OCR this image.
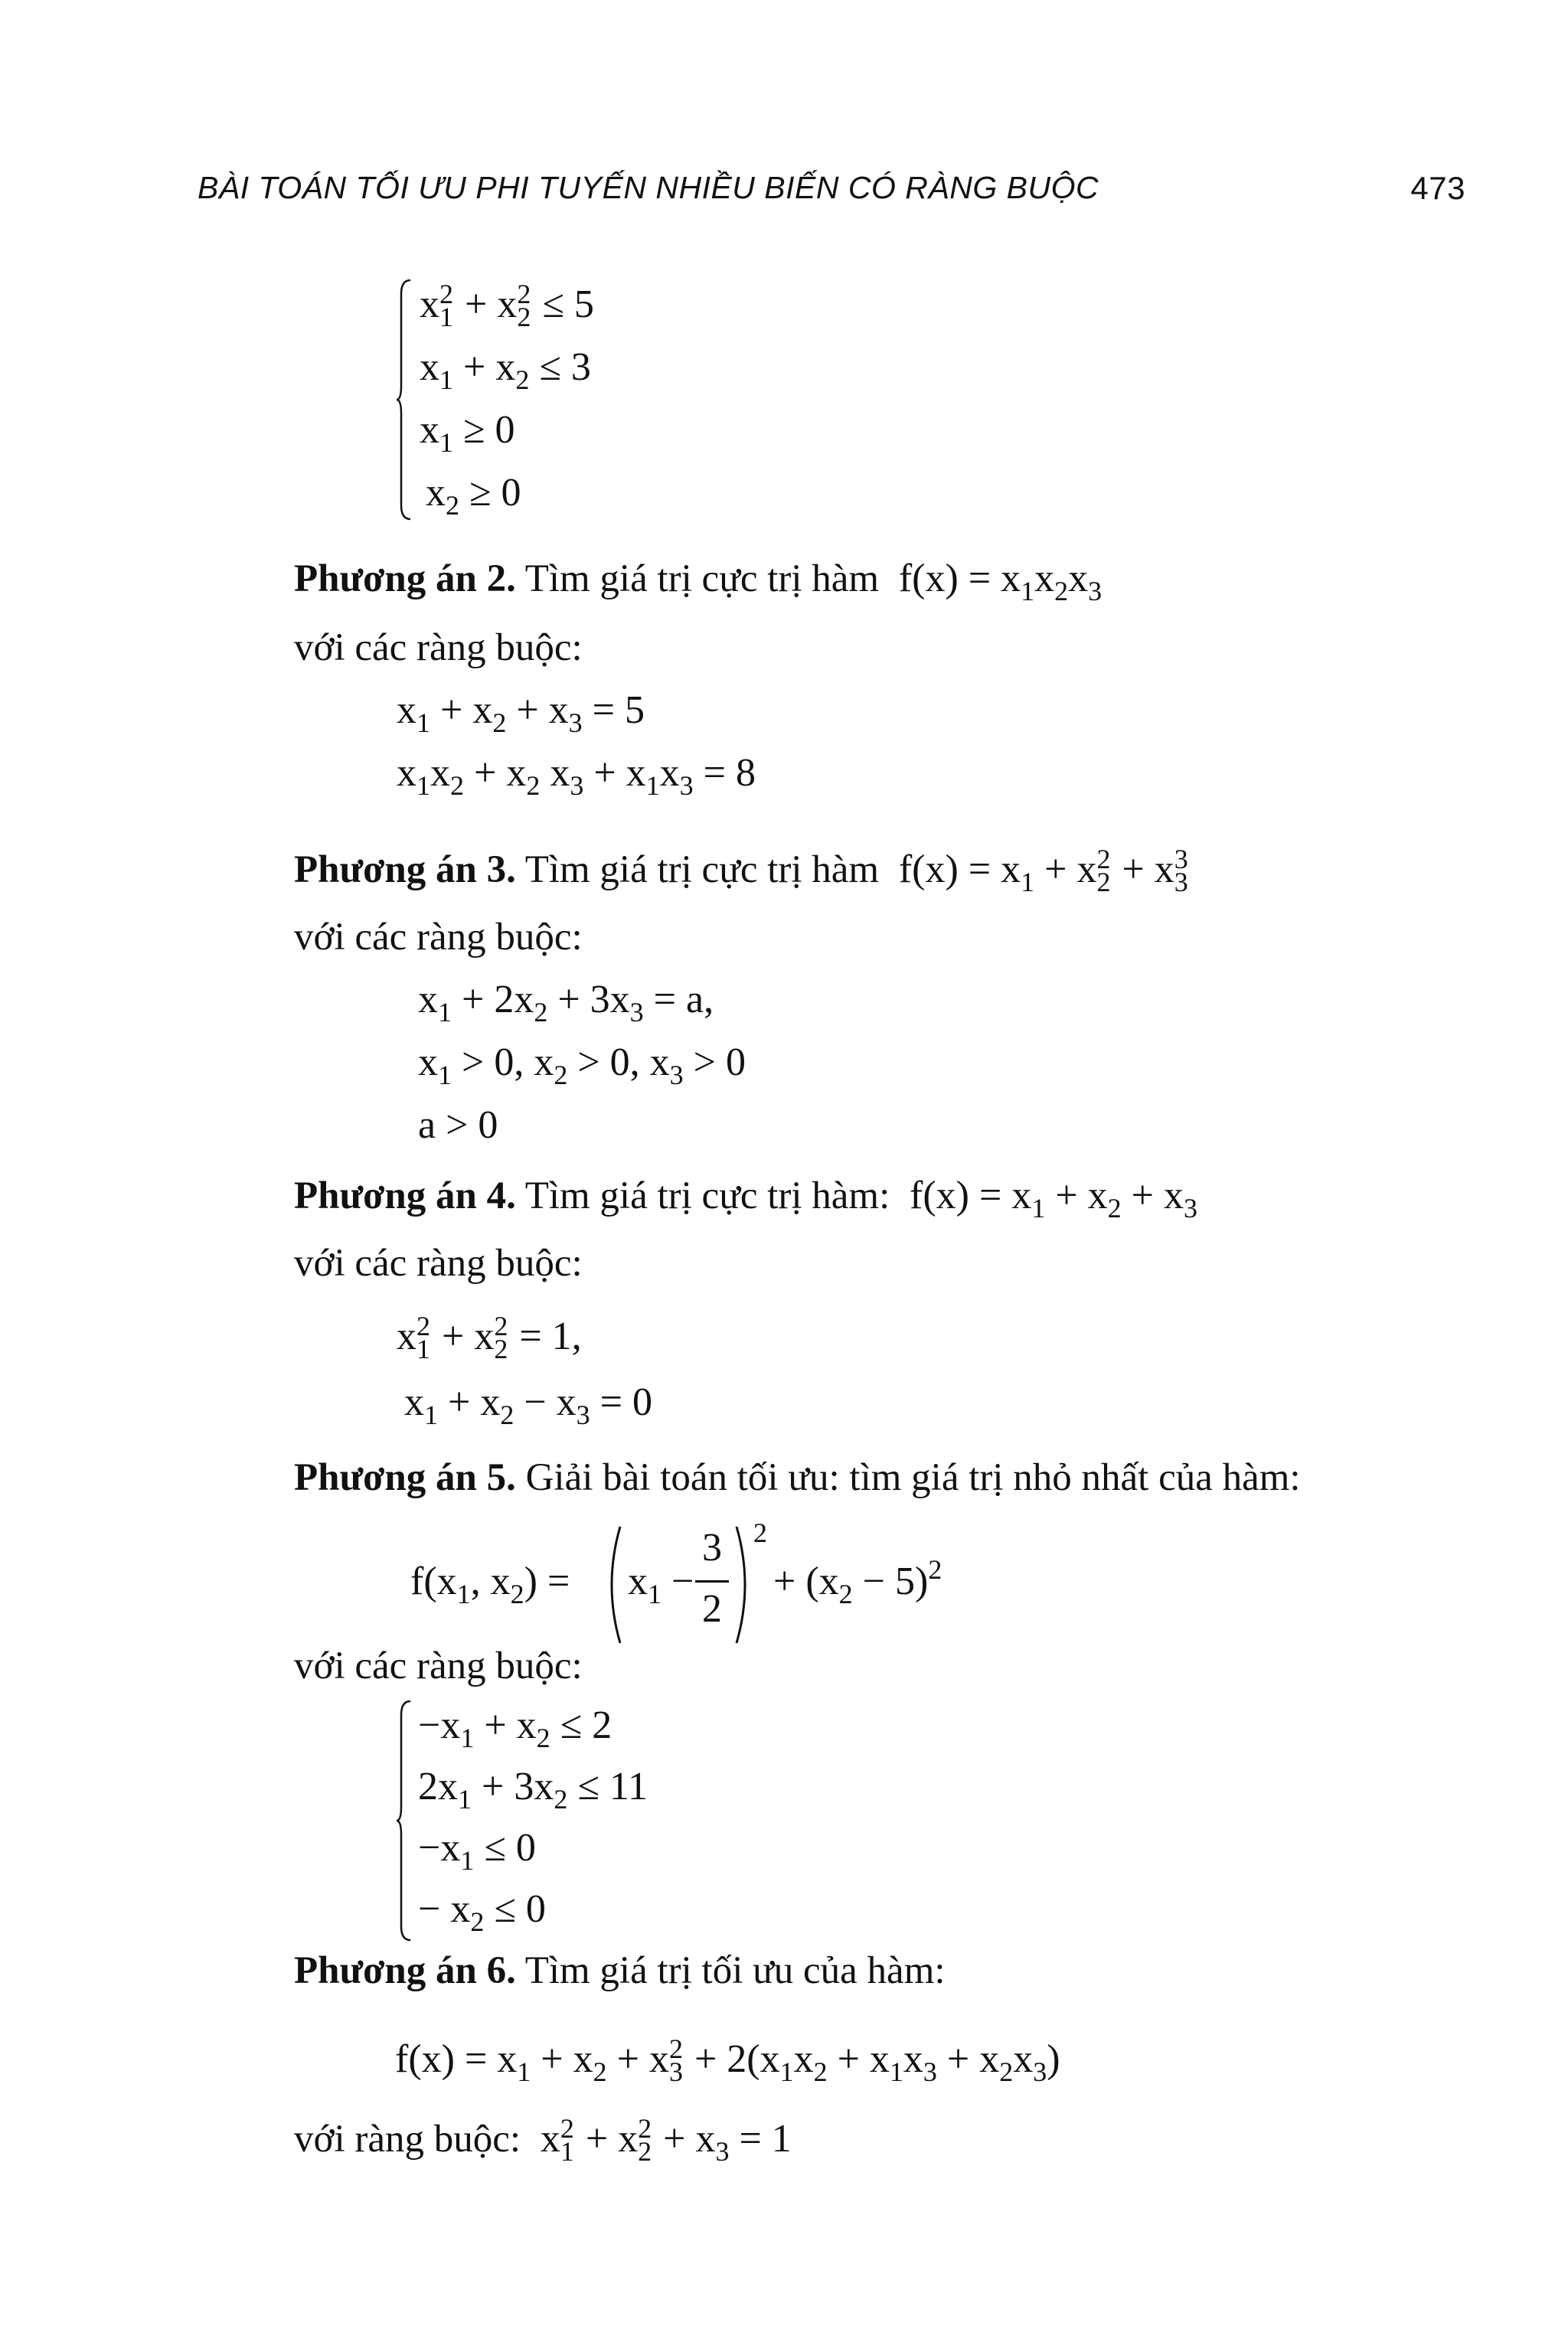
BÀI TOÁN TỐI ƯU PHI TUYẾN NHIỀU BIẾN CÓ RÀNG BUỘC	473
x 2
1 + x 2
2 ≤ 5
$x_1 + x_2 \le 3$
$x_1 \ge 0$
$x_2 \ge 0$
Phương án 2. Tìm giá trị cực trị hàm  $f(x) = x_1x_2x_3$
với các ràng buộc:
$x_1 + x_2 + x_3 = 5$
$x_1x_2 + x_2$ $x_3 + x_1x_3 = 8$
Phương án 3. Tìm giá trị cực trị hàm  $f(x) = x_1 + x$ 2
2 + x 3
3
với các ràng buộc:
$x_1 + 2x_2 + 3x_3 = a$,
$x_1 > 0$, $x_2 > 0$, $x_3 > 0$
a > 0
Phương án 4. Tìm giá trị cực trị hàm:  $f(x) = x_1 + x_2 + x_3$
với các ràng buộc:
x 2
1 + x 2
2 = 1,
$x_1 + x_2 - x_3 = 0$
Phương án 5. Giải bài toán tối ưu: tìm giá trị nhỏ nhất của hàm:
$f(x_1$, $x_2) = x_1$ −
3
2
2
+ $(x_2 - 5)^2$
với các ràng buộc:
$-x_1 + x_2 \le 2$
$2x_1 + 3x_2 \le 11$
$-x_1 \le 0$
− $x_2 \le 0$
Phương án 6. Tìm giá trị tối ưu của hàm:
$f(x) = x_1 + x_2 + x$ 2
$3 + 2(x_1x_2 + x_1x_3 + x_2x_3)$
với ràng buộc:  x 2
1 + x 2
$2 + x_3 = 1$
